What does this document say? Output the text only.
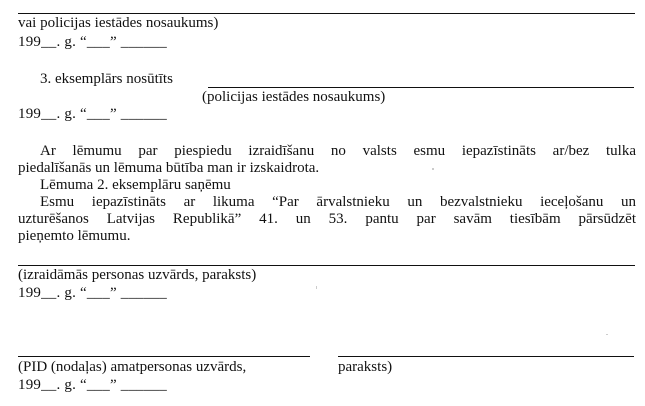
vai policijas iestādes nosaukums)
199__. g. “___” ______
3. eksemplārs nosūtīts
(policijas iestādes nosaukums)
199__. g. “___” ______
Ar lēmumu par piespiedu izraidīšanu no valsts esmu iepazīstināts ar/bez tulka
piedalīšanās un lēmuma būtība man ir izskaidrota.
Lēmuma 2. eksemplāru saņēmu
Esmu iepazīstināts ar likuma “Par ārvalstnieku un bezvalstnieku ieceļošanu un
uzturēšanos Latvijas Republikā” 41. un 53. pantu par savām tiesībām pārsūdzēt
pieņemto lēmumu.
(izraidāmās personas uzvārds, paraksts)
199__. g. “___” ______
(PID (nodaļas) amatpersonas uzvārds,	paraksts)
199__. g. “___” ______
